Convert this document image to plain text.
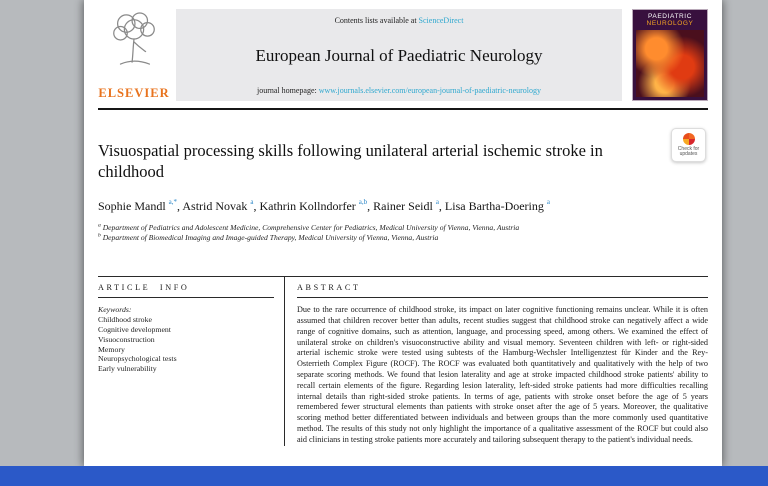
ELSEVIER
Contents lists available at ScienceDirect
European Journal of Paediatric Neurology
journal homepage: www.journals.elsevier.com/european-journal-of-paediatric-neurology
PAEDIATRIC
NEUROLOGY
Visuospatial processing skills following unilateral arterial ischemic stroke in childhood
Check for updates
Sophie Mandl $^{a,*}$, Astrid Novak $^a$, Kathrin Kollndorfer $^{a,b}$, Rainer Seidl $^a$, Lisa Bartha-Doering $^a$
$^a$ Department of Pediatrics and Adolescent Medicine, Comprehensive Center for Pediatrics, Medical University of Vienna, Vienna, Austria
$^b$ Department of Biomedical Imaging and Image-guided Therapy, Medical University of Vienna, Vienna, Austria
ARTICLE INFO
Keywords:
Childhood stroke
Cognitive development
Visuoconstruction
Memory
Neuropsychological tests
Early vulnerability
ABSTRACT

Due to the rare occurrence of childhood stroke, its impact on later cognitive functioning remains unclear. While it is often assumed that children recover better than adults, recent studies suggest that childhood stroke can negatively affect a wide range of cognitive domains, such as attention, language, and processing speed, among others. We examined the effect of unilateral stroke on children's visuoconstructive ability and visual memory. Seventeen children with left- or right-sided arterial ischemic stroke were tested using subtests of the Hamburg-Wechsler Intelligenztest für Kinder and the Rey-Osterrieth Complex Figure (ROCF). The ROCF was evaluated both quantitatively and qualitatively with the help of two separate scoring methods. We found that lesion laterality and age at stroke impacted childhood stroke patients' ability to recall certain elements of the figure. Regarding lesion laterality, left-sided stroke patients had more difficulties recalling internal details than right-sided stroke patients. In terms of age, patients with stroke onset before the age of 5 years remembered fewer structural elements than patients with stroke onset after the age of 5 years. Moreover, the qualitative scoring method better differentiated between individuals and between groups than the more commonly used quantitative method. The results of this study not only highlight the importance of a qualitative assessment of the ROCF but could also aid clinicians in testing stroke patients more accurately and tailoring subsequent therapy to the patient's individual needs.
